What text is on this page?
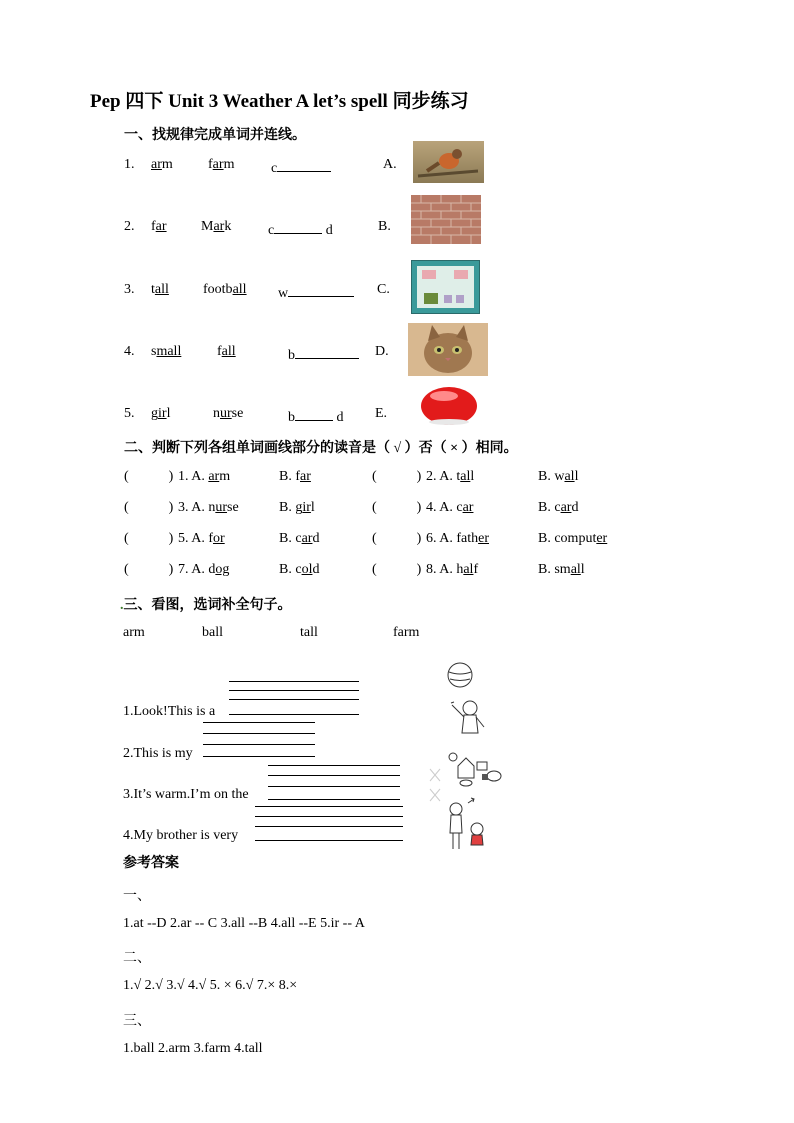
Pep 四下 Unit 3 Weather A let’s spell 同步练习
一、找规律完成单词并连线。
1. arm	farm	c	A.
2. far Mark	c	d	B.
3. tall football w	C.
4. small	fall	b	D.
5. girl	nurse	b	d E.
二、判断下列各组单词画线部分的读音是（ √ ）否（ × ）相同。
(	) 1. A. arm	B. far	(	) 2. A. tall	B. wall
(	) 3. A. nurse	B. girl	(	) 4. A. car	B. card
(	) 5. A. for	B. card	(	) 6. A. father	B. computer
(	) 7. A. dog	B. cold	(	) 8. A. half	B. small
.三、看图，选词补全句子。
arm	ball	tall	farm
1.Look!This is a
2.This is my
3.It’s warm.I’m on the
4.My brother is very
参考答案
一、
1.at --D 2.ar -- C 3.all --B 4.all --E 5.ir -- A
二、
1.√ 2.√ 3.√ 4.√ 5. × 6.√ 7.× 8.×
三、
1.ball 2.arm 3.farm 4.tall
